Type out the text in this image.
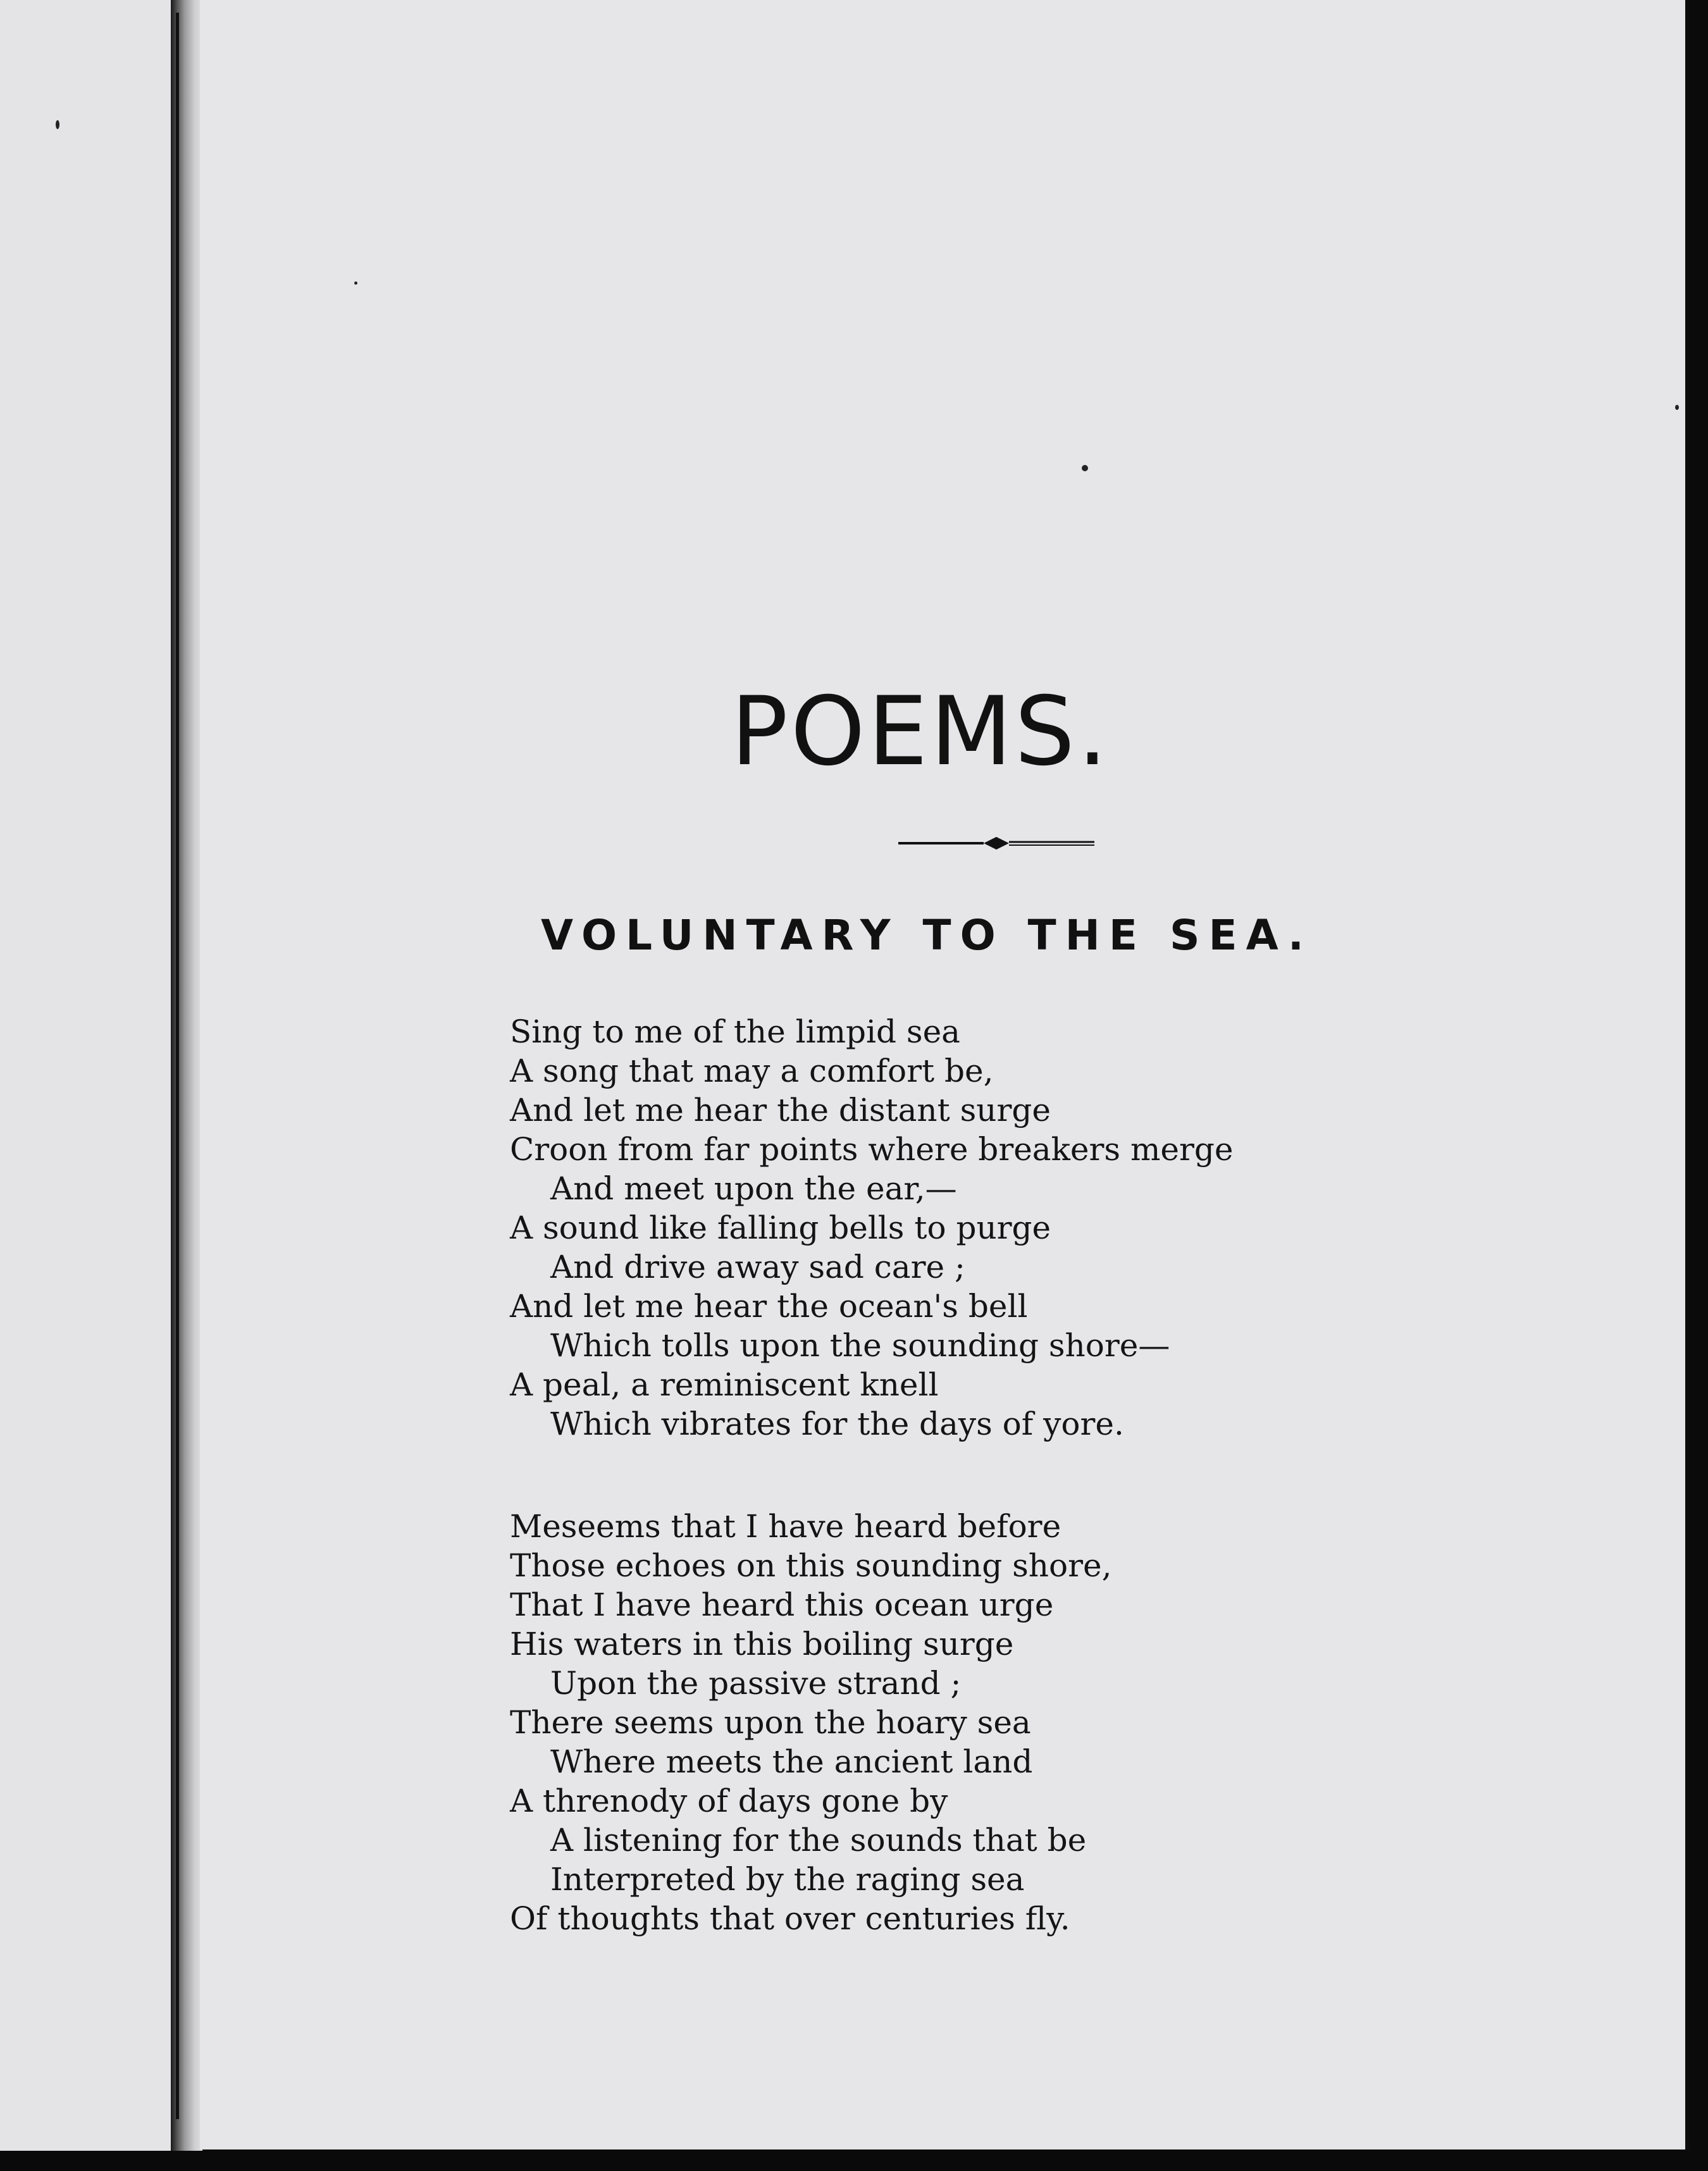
POEMS.
VOLUNTARY TO THE SEA.
Sing to me of the limpid sea
A song that may a comfort be,
And let me hear the distant surge
Croon from far points where breakers merge
And meet upon the ear,—
A sound like falling bells to purge
And drive away sad care ;
And let me hear the ocean's bell
Which tolls upon the sounding shore—
A peal, a reminiscent knell
Which vibrates for the days of yore.
Meseems that I have heard before
Those echoes on this sounding shore,
That I have heard this ocean urge
His waters in this boiling surge
Upon the passive strand ;
There seems upon the hoary sea
Where meets the ancient land
A threnody of days gone by
A listening for the sounds that be
Interpreted by the raging sea
Of thoughts that over centuries fly.
